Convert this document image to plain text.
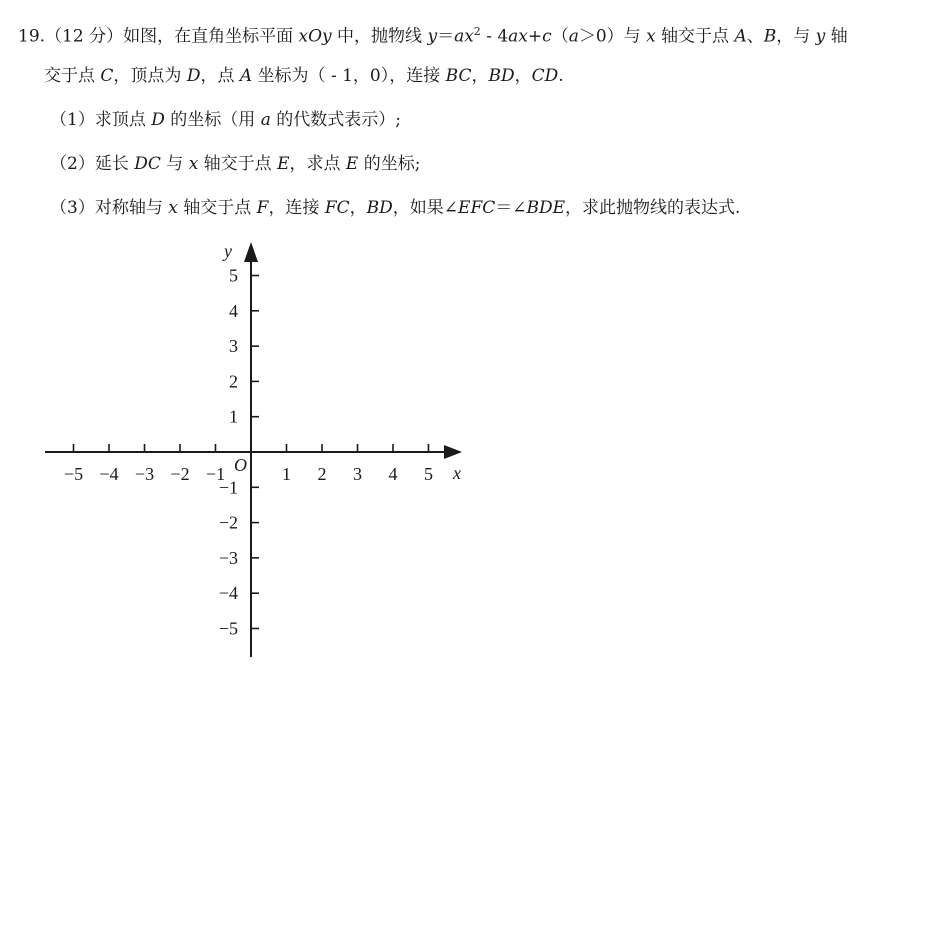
19.（12 分）如图，在直角坐标平面 xOy 中，抛物线 $y=ax^2 - 4ax+c(a>0)$与 x 轴交于点 A、B，与 y 轴
交于点 C，顶点为 D，点 A 坐标为（ - 1，0），连接 BC，BD，CD.
（1）求顶点 D 的坐标（用 a 的代数式表示）;
（2）延长 DC 与 x 轴交于点 E，求点 E 的坐标;
（3）对称轴与 x 轴交于点 F，连接 FC，BD，如果∠EFC＝∠BDE，求此抛物线的表达式.
−5 −4 −3 −2 −1	1 2 3 4 5
−5
−4
−3
−2
−1
1
2
3
4
5
x
y
O
